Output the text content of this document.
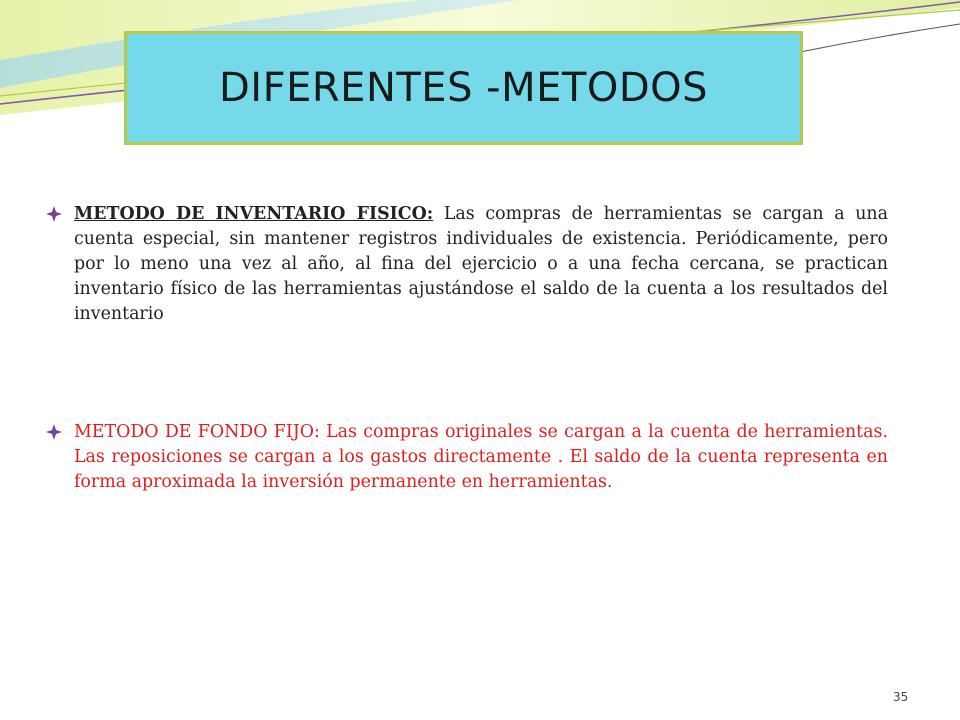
DIFERENTES -METODOS
METODO DE INVENTARIO FISICO: Las compras de herramientas se cargan a una cuenta especial, sin mantener registros individuales de existencia. Periódicamente, pero por lo meno una vez al año, al fina del ejercicio o a una fecha cercana, se practican inventario físico de las herramientas ajustándose el saldo de la cuenta a los resultados del inventario
METODO DE FONDO FIJO: Las compras originales se cargan a la cuenta de herramientas. Las reposiciones se cargan a los gastos directamente . El saldo de la cuenta representa en forma aproximada la inversión permanente en herramientas.
35
